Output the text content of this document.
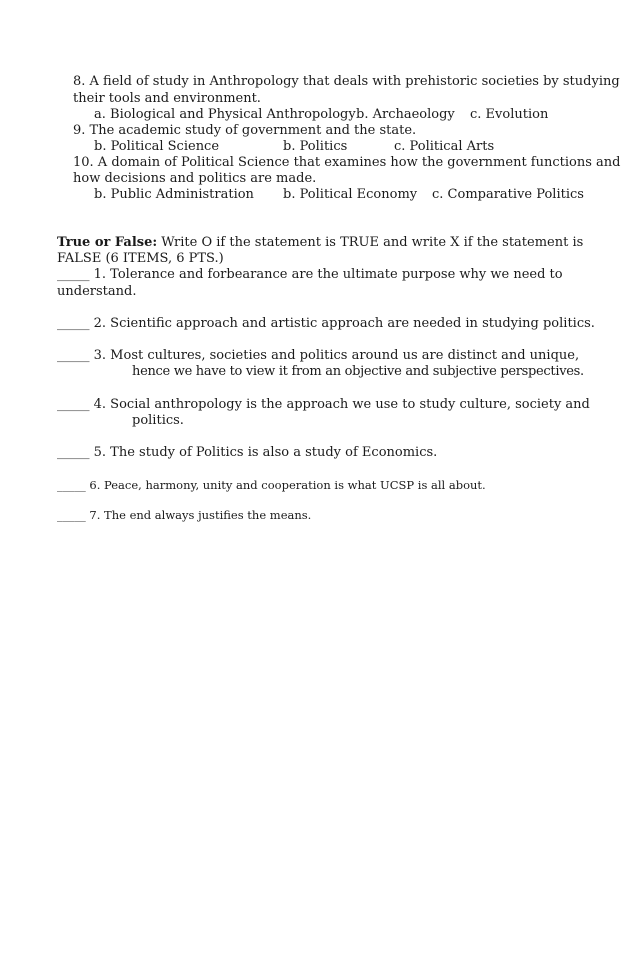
8. A field of study in Anthropology that deals with prehistoric societies by studying
their tools and environment.
a. Biological and Physical Anthropology b. Archaeology c. Evolution
9. The academic study of government and the state.
b. Political Science	b. Politics	c. Political Arts
10. A domain of Political Science that examines how the government functions and
how decisions and politics are made.
b. Public Administration b. Political Economy c. Comparative Politics
True or False: Write O if the statement is TRUE and write X if the statement is
FALSE (6 ITEMS, 6 PTS.)
_____ 1. Tolerance and forbearance are the ultimate purpose why we need to
understand.
_____ 2. Scientific approach and artistic approach are needed in studying politics.
_____ 3. Most cultures, societies and politics around us are distinct and unique,
hence we have to view it from an objective and subjective perspectives.
_____ 4. Social anthropology is the approach we use to study culture, society and
politics.
_____ 5. The study of Politics is also a study of Economics.
_____ 6. Peace, harmony, unity and cooperation is what UCSP is all about.
_____ 7. The end always justifies the means.
